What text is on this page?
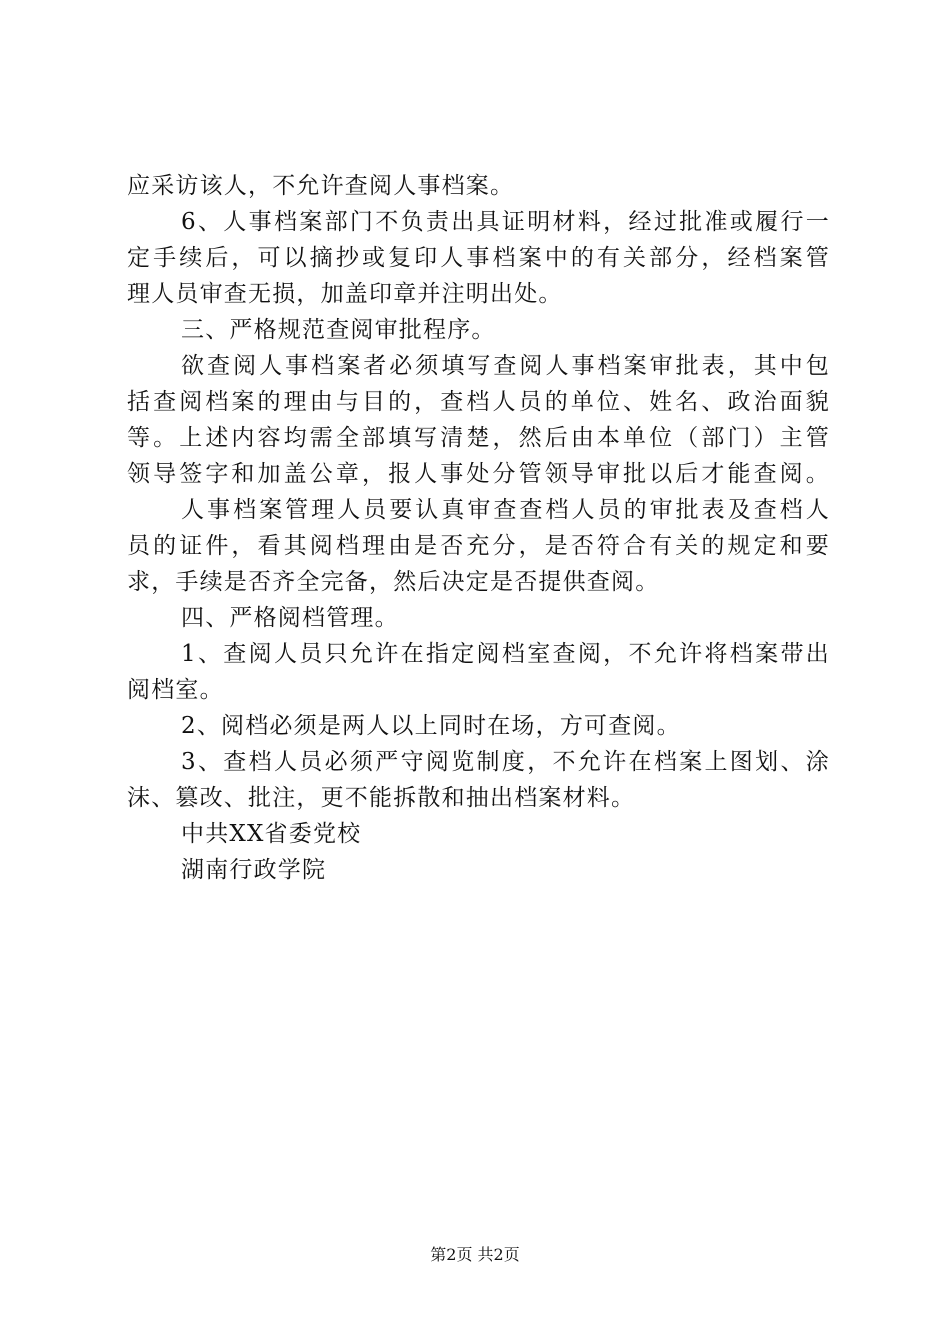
应采访该人，不允许查阅人事档案。
6、人事档案部门不负责出具证明材料，经过批准或履行一
定手续后，可以摘抄或复印人事档案中的有关部分，经档案管
理人员审查无损，加盖印章并注明出处。
三、严格规范查阅审批程序。
欲查阅人事档案者必须填写查阅人事档案审批表，其中包
括查阅档案的理由与目的，查档人员的单位、姓名、政治面貌
等。上述内容均需全部填写清楚，然后由本单位（部门）主管
领导签字和加盖公章，报人事处分管领导审批以后才能查阅。
人事档案管理人员要认真审查查档人员的审批表及查档人
员的证件，看其阅档理由是否充分，是否符合有关的规定和要
求，手续是否齐全完备，然后决定是否提供查阅。
四、严格阅档管理。
1、查阅人员只允许在指定阅档室查阅，不允许将档案带出
阅档室。
2、阅档必须是两人以上同时在场，方可查阅。
3、查档人员必须严守阅览制度，不允许在档案上图划、涂
沫、篡改、批注，更不能拆散和抽出档案材料。
中共XX省委党校
湖南行政学院
第2页 共2页
